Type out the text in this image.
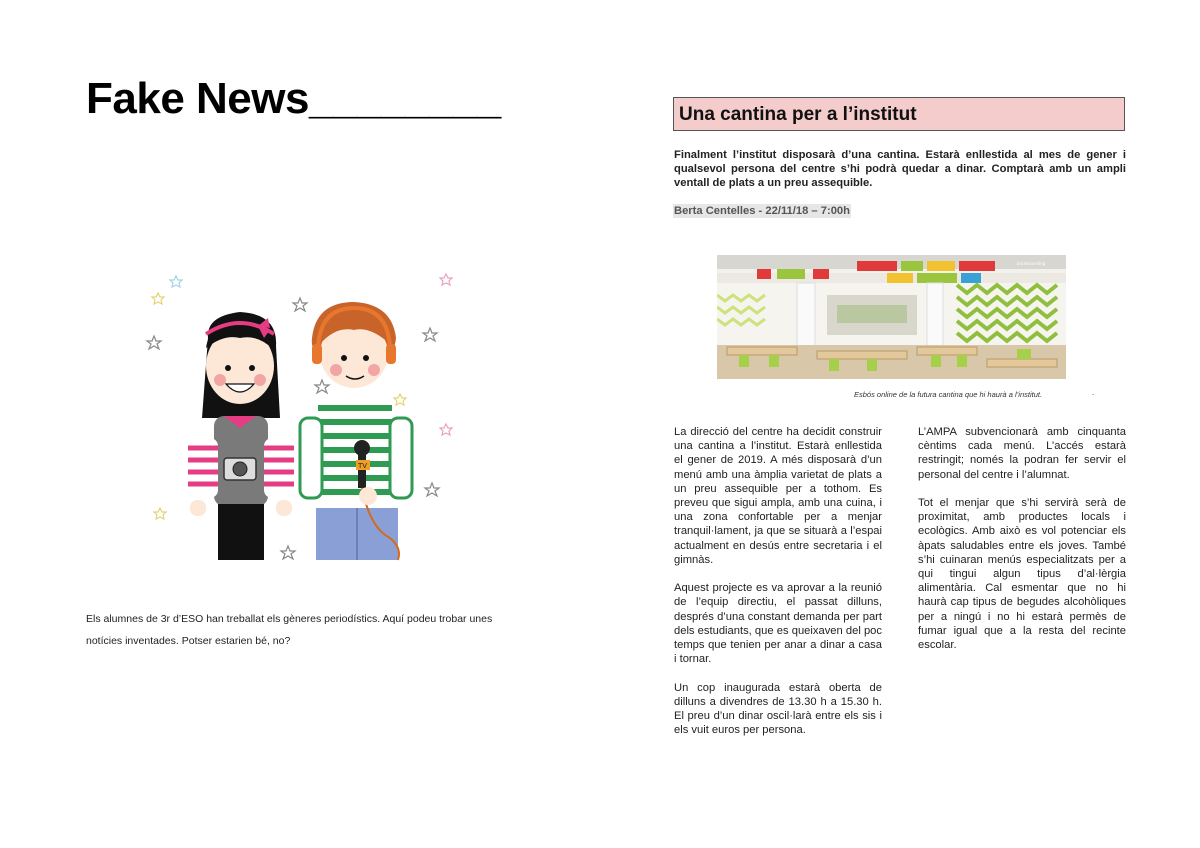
Fake News________
TV
Els alumnes de 3r d’ESO han treballat els gèneres periodístics. Aquí podeu trobar unes notícies inventades. Potser estarien bé, no?
Una cantina per a l’institut
Finalment l’institut disposarà d’una cantina. Estarà enllestida al mes de gener i qualsevol persona del centre s’hi podrà quedar a dinar. Comptarà amb un ampli ventall de plats a un preu assequible.
Berta Centelles - 22/11/18 – 7:00h
brainbranding
Esbós online de la futura cantina que hi haurà a l’institut.	.

La direcció del centre ha decidit construir una cantina a l’institut. Estarà enllestida el gener de 2019. A més disposarà d’un menú amb una àmplia varietat de plats a un preu assequible per a tothom. Es preveu que sigui ampla, amb una cuina, i una zona confortable per a menjar tranquil·lament, ja que se situarà a l’espai actualment en desús entre secretaria i el gimnàs.

Aquest projecte es va aprovar a la reunió de l’equip directiu, el passat dilluns, després d’una constant demanda per part dels estudiants, que es queixaven del poc temps que tenien per anar a dinar a casa i tornar.

Un cop inaugurada estarà oberta de dilluns a divendres de 13.30 h a 15.30 h. El preu d’un dinar oscil·larà entre els sis i els vuit euros per persona.

L’AMPA subvencionarà amb cinquanta cèntims cada menú. L’accés estarà restringit; només la podran fer servir el personal del centre i l’alumnat.

Tot el menjar que s’hi servirà serà de proximitat, amb productes locals i ecològics. Amb això es vol potenciar els àpats saludables entre els joves. També s’hi cuinaran menús especialitzats per a qui tingui algun tipus d’al·lèrgia alimentària. Cal esmentar que no hi haurà cap tipus de begudes alcohòliques per a ningú i no hi estarà permès de fumar igual que a la resta del recinte escolar.
